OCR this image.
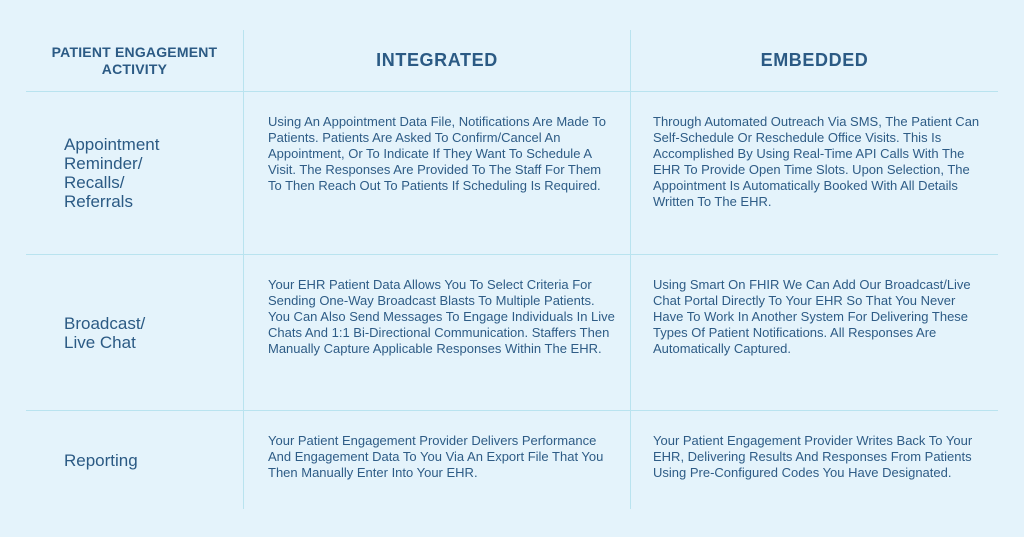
PATIENT ENGAGEMENT ACTIVITY	INTEGRATED	EMBEDDED
Appointment
Reminder/
Recalls/
Referrals
Using An Appointment Data File, Notifications Are Made To Patients. Patients Are Asked To Confirm/Cancel An Appointment, Or To Indicate If They Want To Schedule A Visit. The Responses Are Provided To The Staff For Them To Then Reach Out To Patients If Scheduling Is Required.
Through Automated Outreach Via SMS, The Patient Can Self-Schedule Or Reschedule Office Visits. This Is Accomplished By Using Real-Time API Calls With The EHR To Provide Open Time Slots. Upon Selection, The Appointment Is Automatically Booked With All Details Written To The EHR.
Broadcast/
Live Chat
Your EHR Patient Data Allows You To Select Criteria For Sending One-Way Broadcast Blasts To Multiple Patients. You Can Also Send Messages To Engage Individuals In Live Chats And 1:1 Bi-Directional Communication. Staffers Then Manually Capture Applicable Responses Within The EHR.
Using Smart On FHIR We Can Add Our Broadcast/Live Chat Portal Directly To Your EHR So That You Never Have To Work In Another System For Delivering These Types Of Patient Notifications. All Responses Are Automatically Captured.
Reporting
Your Patient Engagement Provider Delivers Performance And Engagement Data To You Via An Export File That You Then Manually Enter Into Your EHR.
Your Patient Engagement Provider Writes Back To Your EHR, Delivering Results And Responses From Patients Using Pre-Configured Codes You Have Designated.
